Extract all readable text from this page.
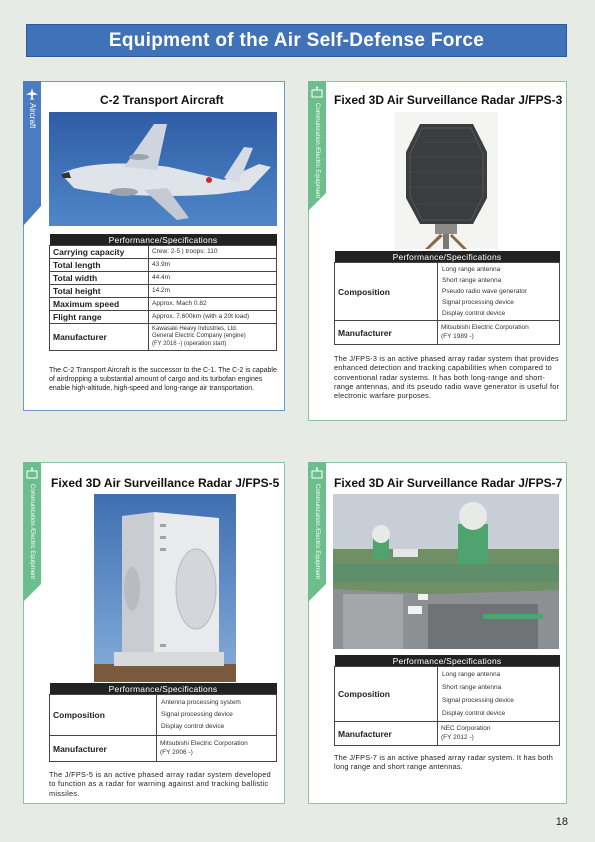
Equipment of the Air Self-Defense Force
Aircraft
C-2 Transport Aircraft
Performance/Specifications	
Carrying capacity	Crew: 2-5 | troops: 110
Total length	43.9m
Total width	44.4m
Total height	14.2m
Maximum speed	Approx. Mach 0.82
Flight range	Approx. 7,600km (with a 20t load)
Manufacturer	Kawasaki Heavy Industries, Ltd.
General Electric Company (engine)
(FY 2016 -) (operation start)
The C-2 Transport Aircraft is the successor to the C-1. The C-2 is capable of airdropping a substantial amount of cargo and its turbofan engines enable high-altitude, high-speed and long-range air transportation.
Communication /Electric Equipment
Fixed 3D Air Surveillance Radar J/FPS-3
Performance/Specifications	
Composition	Long range antenna
Short range antenna
Pseudo radio wave generator
Signal processing device
Display control device

Manufacturer	Mitsubishi Electric Corporation
(FY 1989 -)
The J/FPS-3 is an active phased array radar system that provides enhanced detection and tracking capabilities when compared to conventional radar systems. It has both long-range and short-range antennas, and its pseudo radio wave generator is useful for electronic warfare purposes.
Communication /Electric Equipment
Fixed 3D Air Surveillance Radar J/FPS-5
Performance/Specifications	
Composition	Antenna processing system
Signal processing device
Display control device

Manufacturer	Mitsubishi Electric Corporation
(FY 2006 -)
The J/FPS-5 is an active phased array radar system developed to function as a radar for warning against and tracking ballistic missiles.
Communication /Electric Equipment
Fixed 3D Air Surveillance Radar J/FPS-7
Performance/Specifications	
Composition	Long range antenna
Short range antenna
Signal processing device
Display control device

Manufacturer	NEC Corporation
(FY 2012 -)
The J/FPS-7 is an active phased array radar system. It has both long range and short range antennas.
18
